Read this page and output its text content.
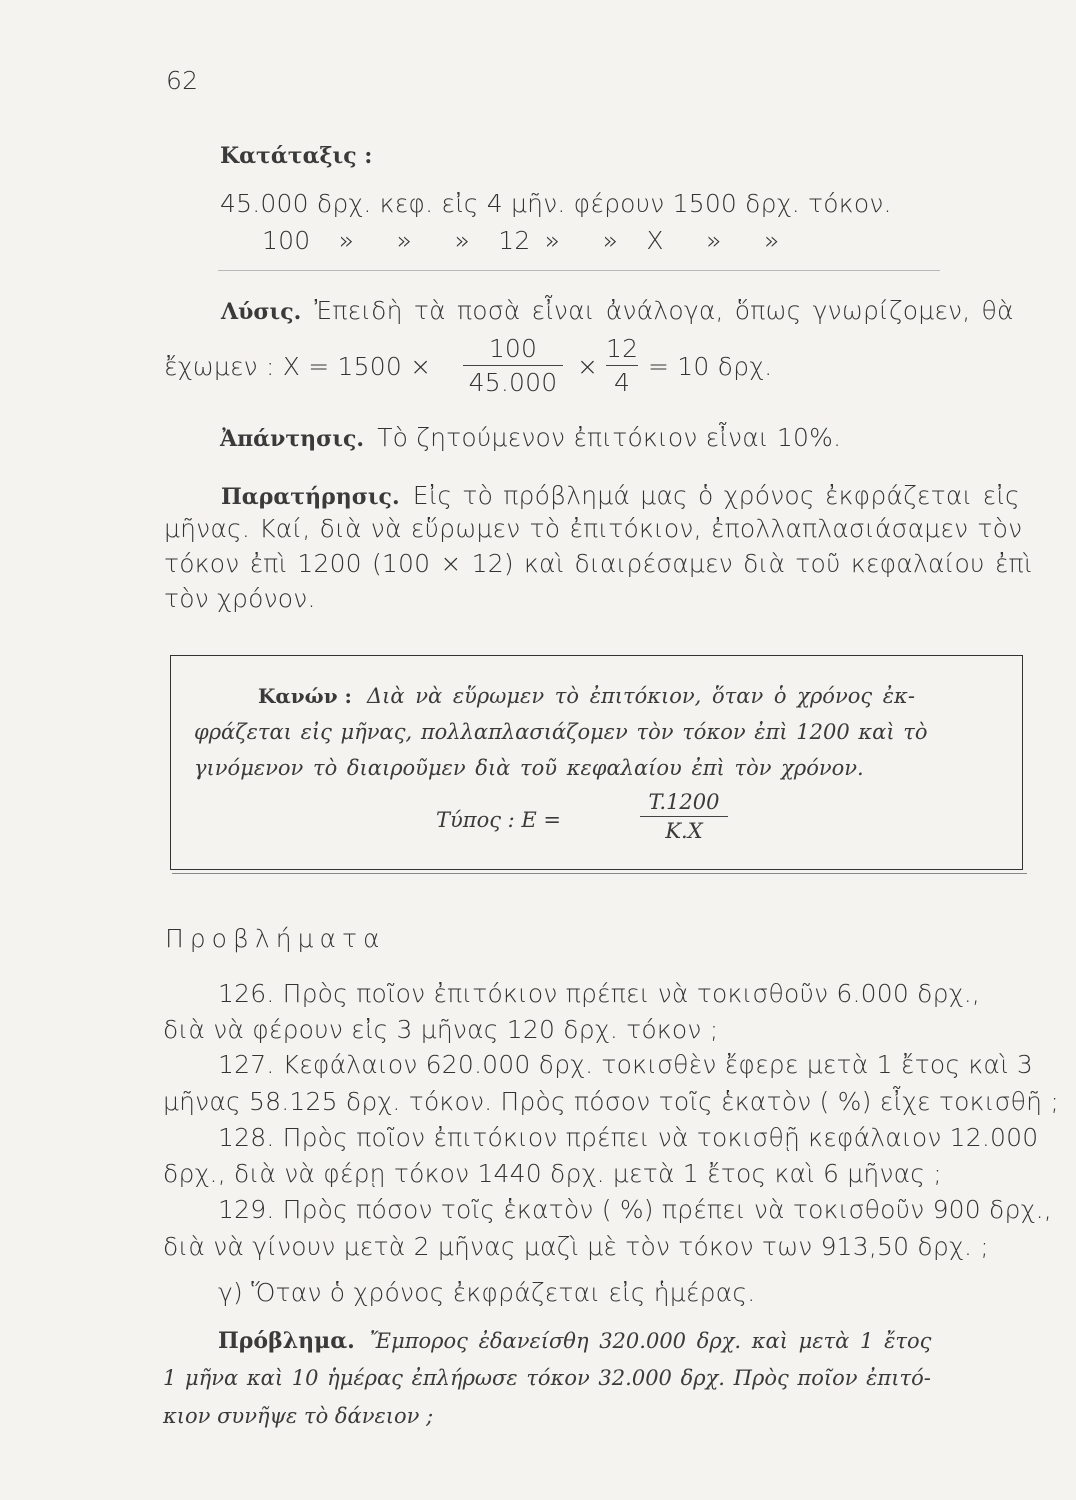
62
Κατάταξις :
45.000 δρχ. κεφ. εἰς 4 μῆν. φέρουν 1500 δρχ. τόκον.
100  »   »   »  12 »   »  X   »   »
Λύσις. Ἐπειδὴ τὰ ποσὰ εἶναι ἀνάλογα, ὅπως γνωρίζομεν, θὰ
ἔχωμεν : X = 1500 ×
100
45.000
×
12
4
= 10 δρχ.
Ἀπάντησις. Τὸ ζητούμενον ἐπιτόκιον εἶναι 10%.
Παρατήρησις. Εἰς τὸ πρόβλημά μας ὁ χρόνος ἐκφράζεται εἰς
μῆνας. Καί, διὰ νὰ εὕρωμεν τὸ ἐπιτόκιον, ἐπολλαπλασιάσαμεν τὸν
τόκον ἐπὶ 1200 (100 × 12) καὶ διαιρέσαμεν διὰ τοῦ κεφαλαίου ἐπὶ
τὸν χρόνον.
Κανών : Διὰ νὰ εὕρωμεν τὸ ἐπιτόκιον, ὅταν ὁ χρόνος ἐκ-
φράζεται εἰς μῆνας, πολλαπλασιάζομεν τὸν τόκον ἐπὶ 1200 καὶ τὸ
γινόμενον τὸ διαιροῦμεν διὰ τοῦ κεφαλαίου ἐπὶ τὸν χρόνον.
Τύπος : E =
T.1200
K.X
Προβλήματα
126. Πρὸς ποῖον ἐπιτόκιον πρέπει νὰ τοκισθοῦν 6.000 δρχ.,
διὰ νὰ φέρουν εἰς 3 μῆνας 120 δρχ. τόκον ;
127. Κεφάλαιον 620.000 δρχ. τοκισθὲν ἔφερε μετὰ 1 ἔτος καὶ 3
μῆνας 58.125 δρχ. τόκον. Πρὸς πόσον τοῖς ἑκατὸν ( %) εἶχε τοκισθῆ ;
128. Πρὸς ποῖον ἐπιτόκιον πρέπει νὰ τοκισθῇ κεφάλαιον 12.000
δρχ., διὰ νὰ φέρῃ τόκον 1440 δρχ. μετὰ 1 ἔτος καὶ 6 μῆνας ;
129. Πρὸς πόσον τοῖς ἑκατὸν ( %) πρέπει νὰ τοκισθοῦν 900 δρχ.,
διὰ νὰ γίνουν μετὰ 2 μῆνας μαζὶ μὲ τὸν τόκον των 913,50 δρχ. ;
γ) Ὅταν ὁ χρόνος ἐκφράζεται εἰς ἡμέρας.
Πρόβλημα. Ἔμπορος ἐδανείσθη 320.000 δρχ. καὶ μετὰ 1 ἔτος
1 μῆνα καὶ 10 ἡμέρας ἐπλήρωσε τόκον 32.000 δρχ. Πρὸς ποῖον ἐπιτό-
κιον συνῆψε τὸ δάνειον ;
